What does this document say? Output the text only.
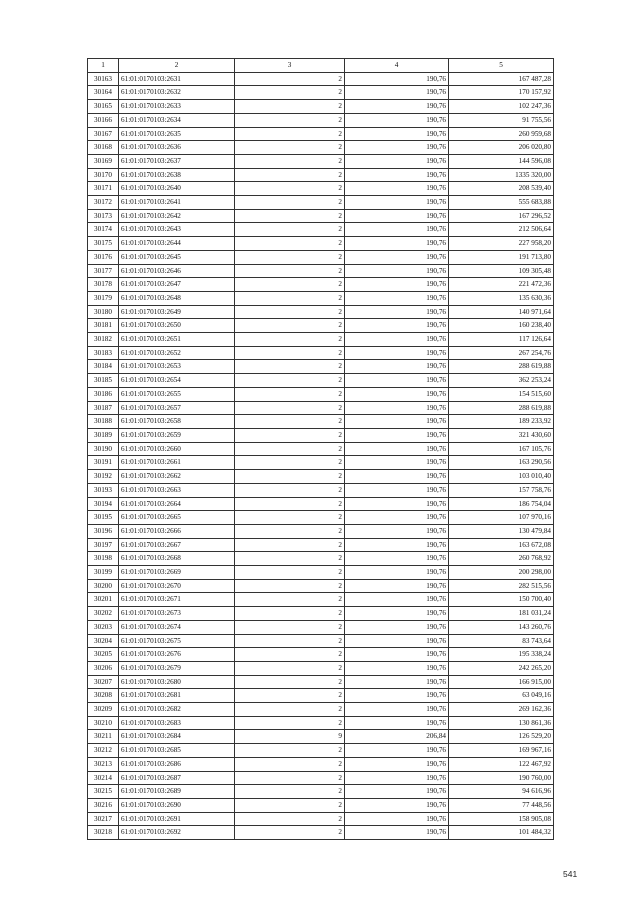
1	2	3	4	5
30163	61:01:0170103:2631	2	190,76	167 487,28
30164	61:01:0170103:2632	2	190,76	170 157,92
30165	61:01:0170103:2633	2	190,76	102 247,36
30166	61:01:0170103:2634	2	190,76	91 755,56
30167	61:01:0170103:2635	2	190,76	260 959,68
30168	61:01:0170103:2636	2	190,76	206 020,80
30169	61:01:0170103:2637	2	190,76	144 596,08
30170	61:01:0170103:2638	2	190,76	1335 320,00
30171	61:01:0170103:2640	2	190,76	208 539,40
30172	61:01:0170103:2641	2	190,76	555 683,88
30173	61:01:0170103:2642	2	190,76	167 296,52
30174	61:01:0170103:2643	2	190,76	212 506,64
30175	61:01:0170103:2644	2	190,76	227 958,20
30176	61:01:0170103:2645	2	190,76	191 713,80
30177	61:01:0170103:2646	2	190,76	109 305,48
30178	61:01:0170103:2647	2	190,76	221 472,36
30179	61:01:0170103:2648	2	190,76	135 630,36
30180	61:01:0170103:2649	2	190,76	140 971,64
30181	61:01:0170103:2650	2	190,76	160 238,40
30182	61:01:0170103:2651	2	190,76	117 126,64
30183	61:01:0170103:2652	2	190,76	267 254,76
30184	61:01:0170103:2653	2	190,76	288 619,88
30185	61:01:0170103:2654	2	190,76	362 253,24
30186	61:01:0170103:2655	2	190,76	154 515,60
30187	61:01:0170103:2657	2	190,76	288 619,88
30188	61:01:0170103:2658	2	190,76	189 233,92
30189	61:01:0170103:2659	2	190,76	321 430,60
30190	61:01:0170103:2660	2	190,76	167 105,76
30191	61:01:0170103:2661	2	190,76	163 290,56
30192	61:01:0170103:2662	2	190,76	103 010,40
30193	61:01:0170103:2663	2	190,76	157 758,76
30194	61:01:0170103:2664	2	190,76	186 754,04
30195	61:01:0170103:2665	2	190,76	107 970,16
30196	61:01:0170103:2666	2	190,76	130 479,84
30197	61:01:0170103:2667	2	190,76	163 672,08
30198	61:01:0170103:2668	2	190,76	260 768,92
30199	61:01:0170103:2669	2	190,76	200 298,00
30200	61:01:0170103:2670	2	190,76	282 515,56
30201	61:01:0170103:2671	2	190,76	150 700,40
30202	61:01:0170103:2673	2	190,76	181 031,24
30203	61:01:0170103:2674	2	190,76	143 260,76
30204	61:01:0170103:2675	2	190,76	83 743,64
30205	61:01:0170103:2676	2	190,76	195 338,24
30206	61:01:0170103:2679	2	190,76	242 265,20
30207	61:01:0170103:2680	2	190,76	166 915,00
30208	61:01:0170103:2681	2	190,76	63 049,16
30209	61:01:0170103:2682	2	190,76	269 162,36
30210	61:01:0170103:2683	2	190,76	130 861,36
30211	61:01:0170103:2684	9	206,84	126 529,20
30212	61:01:0170103:2685	2	190,76	169 967,16
30213	61:01:0170103:2686	2	190,76	122 467,92
30214	61:01:0170103:2687	2	190,76	190 760,00
30215	61:01:0170103:2689	2	190,76	94 616,96
30216	61:01:0170103:2690	2	190,76	77 448,56
30217	61:01:0170103:2691	2	190,76	158 905,08
30218	61:01:0170103:2692	2	190,76	101 484,32
541
